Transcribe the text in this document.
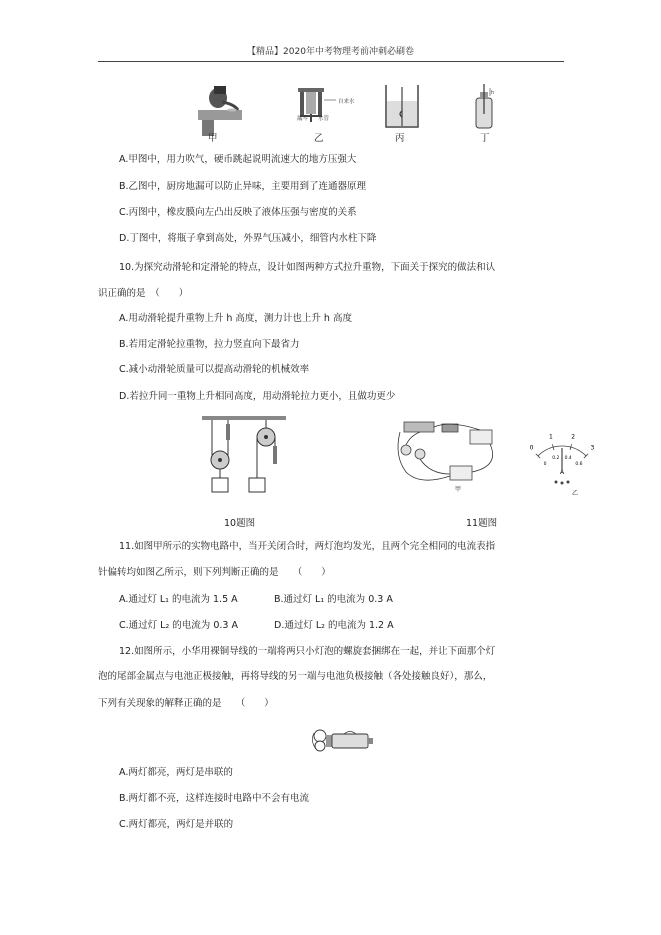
【精品】2020年中考物理考前冲刺必刷卷
自来水
漏斗 水管
h
甲	乙	丙	丁
A.甲图中，用力吹气，硬币跳起说明流速大的地方压强大
B.乙图中，厨房地漏可以防止异味，主要用到了连通器原理
C.丙图中，橡皮膜向左凸出反映了液体压强与密度的关系
D.丁图中，将瓶子拿到高处，外界气压减小，细管内水柱下降
10.为探究动滑轮和定滑轮的特点，设计如图两种方式拉升重物，下面关于探究的做法和认
识正确的是　（　　）
A.用动滑轮提升重物上升 h 高度，测力计也上升 h 高度
B.若用定滑轮拉重物，拉力竖直向下最省力
C.减小动滑轮质量可以提高动滑轮的机械效率
D.若拉升同一重物上升相同高度，用动滑轮拉力更小，且做功更少
甲
0
0
1
0.2
2
0.4
3
0.6
A
乙
10题图	11题图
11.如图甲所示的实物电路中，当开关闭合时，两灯泡均发光，且两个完全相同的电流表指
针偏转均如图乙所示，则下列判断正确的是　　（　　）
A.通过灯 L₁ 的电流为 1.5 A	B.通过灯 L₁ 的电流为 0.3 A
C.通过灯 L₂ 的电流为 0.3 A	D.通过灯 L₂ 的电流为 1.2 A
12.如图所示，小华用裸铜导线的一端将两只小灯泡的螺旋套捆绑在一起，并让下面那个灯
泡的尾部金属点与电池正极接触，再将导线的另一端与电池负极接触（各处接触良好），那么，
下列有关现象的解释正确的是　　（　　）
A.两灯都亮，两灯是串联的
B.两灯都不亮，这样连接时电路中不会有电流
C.两灯都亮，两灯是并联的
